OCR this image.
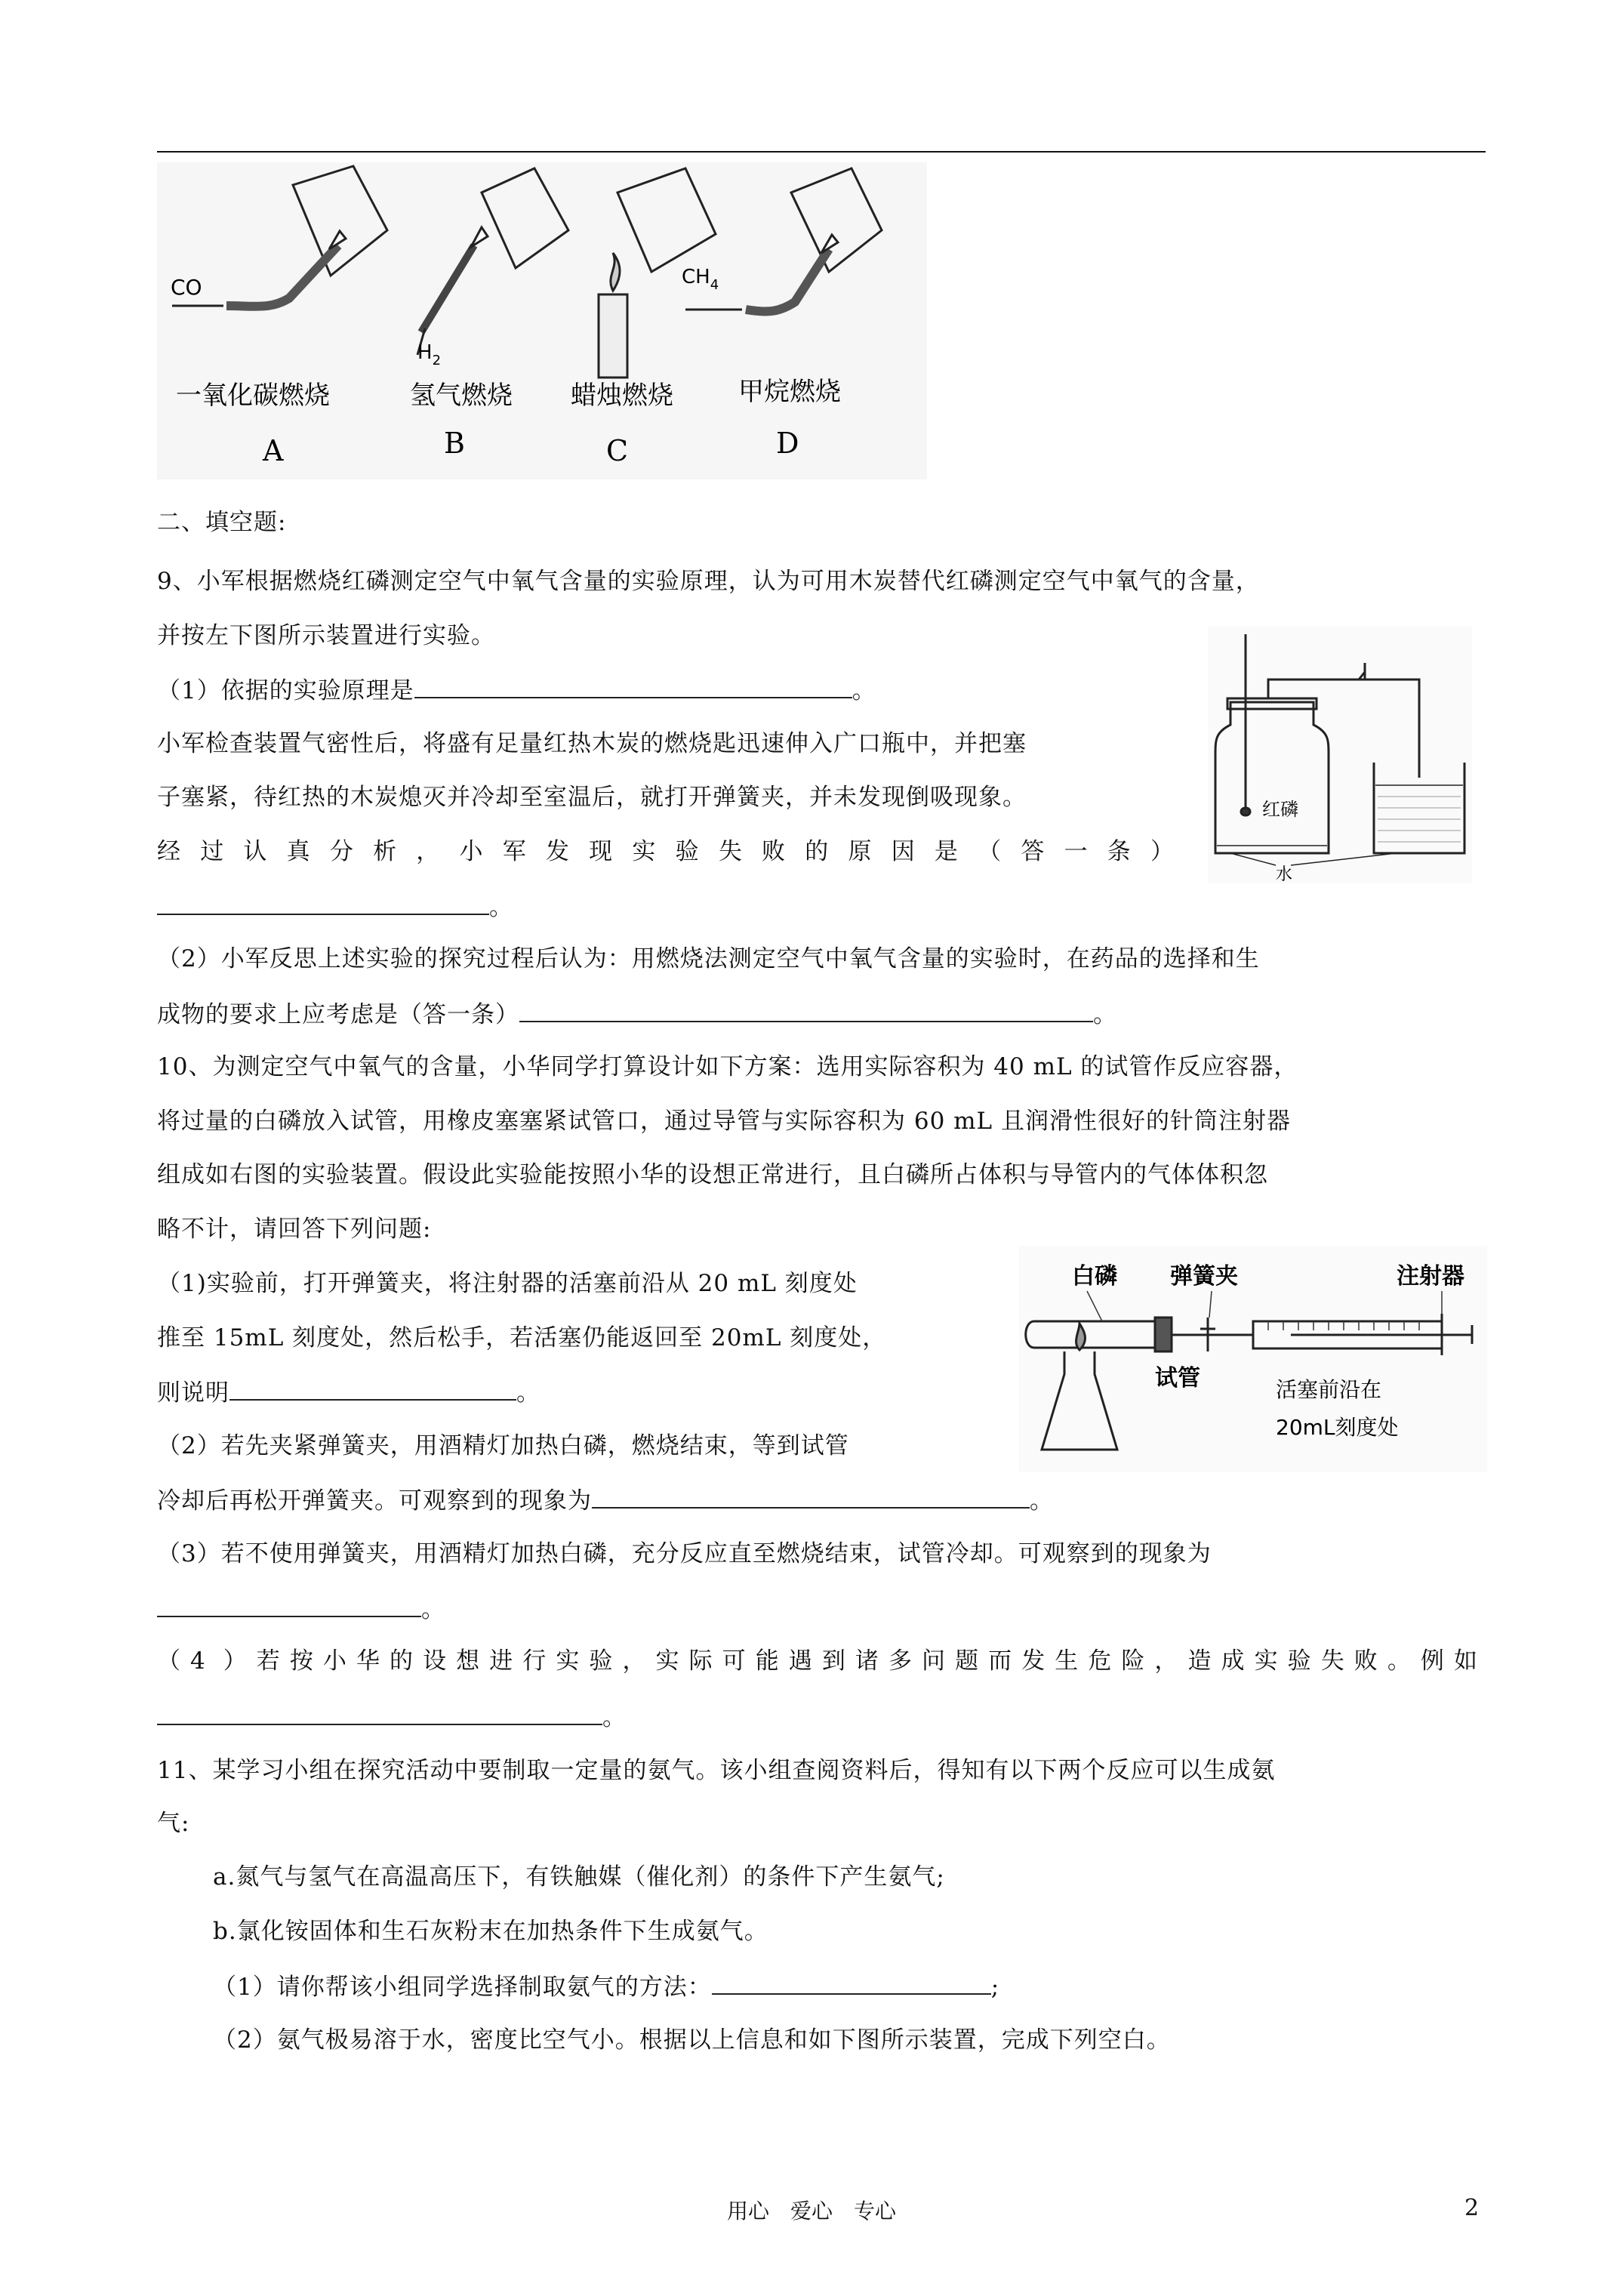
CO
$H_2$
$CH_4$
一氧化碳燃烧	氢气燃烧 蜡烛燃烧	甲烷燃烧
A	B	C	D
二、填空题:
9、小军根据燃烧红磷测定空气中氧气含量的实验原理，认为可用木炭替代红磷测定空气中氧气的含量，
并按左下图所示装置进行实验。
（1）依据的实验原理是	。
小军检查装置气密性后，将盛有足量红热木炭的燃烧匙迅速伸入广口瓶中，并把塞
子塞紧，待红热的木炭熄灭并冷却至室温后，就打开弹簧夹，并未发现倒吸现象。
经过认真分析，小军发现实验失败的原因是（答一条）
。
（2）小军反思上述实验的探究过程后认为：用燃烧法测定空气中氧气含量的实验时，在药品的选择和生
成物的要求上应考虑是（答一条）	。
红磷
水
10、为测定空气中氧气的含量，小华同学打算设计如下方案：选用实际容积为 40 mL 的试管作反应容器，
将过量的白磷放入试管，用橡皮塞塞紧试管口，通过导管与实际容积为 60 mL 且润滑性很好的针筒注射器
组成如右图的实验装置。假设此实验能按照小华的设想正常进行，且白磷所占体积与导管内的气体体积忽
略不计，请回答下列问题:
（1)实验前，打开弹簧夹，将注射器的活塞前沿从 20 mL 刻度处
推至 15mL 刻度处，然后松手，若活塞仍能返回至 20mL 刻度处，
则说明	。
（2）若先夹紧弹簧夹，用酒精灯加热白磷，燃烧结束，等到试管
冷却后再松开弹簧夹。可观察到的现象为	。
白磷 弹簧夹	注射器
试管	活塞前沿在
20mL刻度处
（3）若不使用弹簧夹，用酒精灯加热白磷，充分反应直至燃烧结束，试管冷却。可观察到的现象为
。
（4 ）若按小华的设想进行实验，实际可能遇到诸多问题而发生危险，造成实验失败。例如
。
11、某学习小组在探究活动中要制取一定量的氨气。该小组查阅资料后，得知有以下两个反应可以生成氨
气:
a.氮气与氢气在高温高压下，有铁触媒（催化剂）的条件下产生氨气;
b.氯化铵固体和生石灰粉末在加热条件下生成氨气。
（1）请你帮该小组同学选择制取氨气的方法：	;
（2）氨气极易溶于水，密度比空气小。根据以上信息和如下图所示装置，完成下列空白。
用心　爱心　专心	2
